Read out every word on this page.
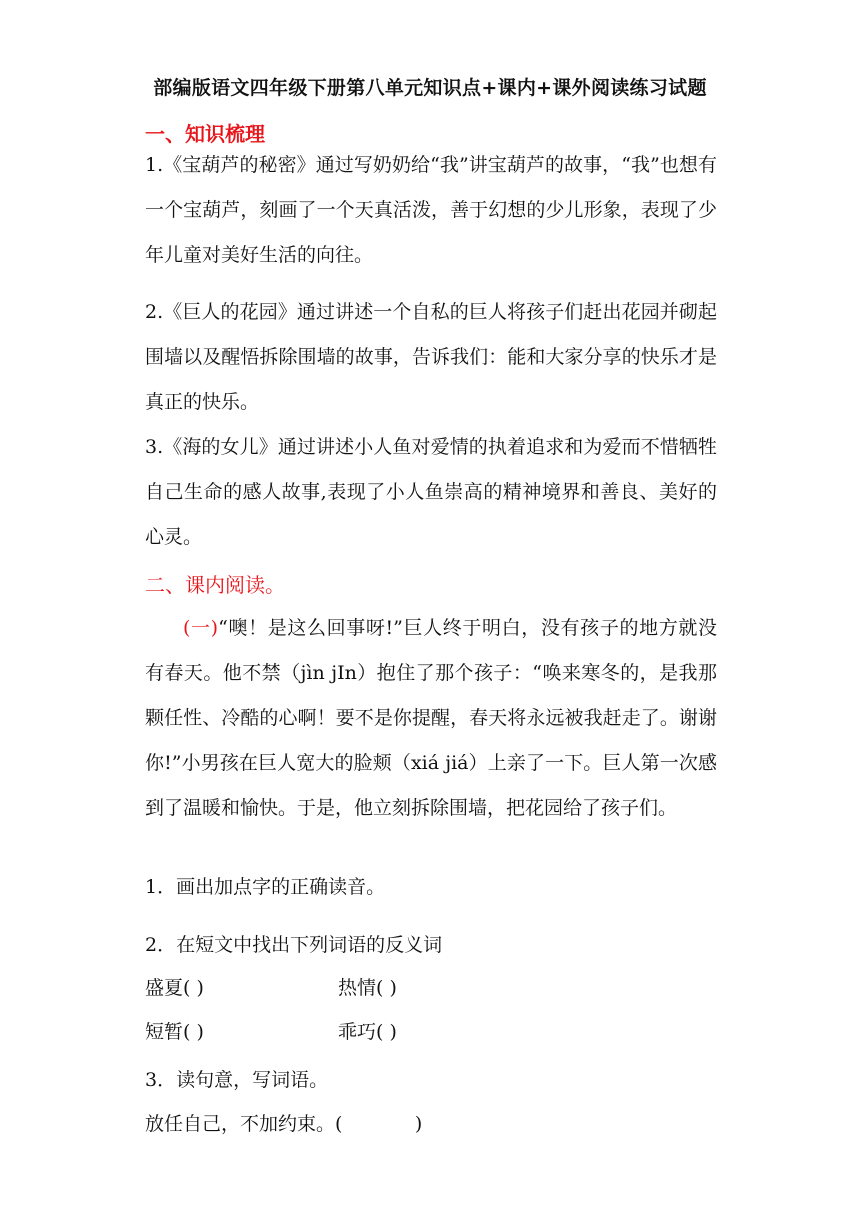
部编版语文四年级下册第八单元知识点+课内+课外阅读练习试题
一、知识梳理
1.《宝葫芦的秘密》通过写奶奶给“我”讲宝葫芦的故事，“我”也想有一个宝葫芦，刻画了一个天真活泼，善于幻想的少儿形象，表现了少年儿童对美好生活的向往。
2.《巨人的花园》通过讲述一个自私的巨人将孩子们赶出花园并砌起围墙以及醒悟拆除围墙的故事，告诉我们：能和大家分享的快乐才是真正的快乐。
3.《海的女儿》通过讲述小人鱼对爱情的执着追求和为爱而不惜牺牲自己生命的感人故事,表现了小人鱼崇高的精神境界和善良、美好的心灵。
二、课内阅读。
(一)“噢！是这么回事呀!”巨人终于明白，没有孩子的地方就没有春天。他不禁（jìn jIn）抱住了那个孩子：“唤来寒冬的，是我那颗任性、冷酷的心啊！要不是你提醒，春天将永远被我赶走了。谢谢你!”小男孩在巨人宽大的脸颊（xiá jiá）上亲了一下。巨人第一次感到了温暖和愉快。于是，他立刻拆除围墙，把花园给了孩子们。
1．画出加点字的正确读音。
2．在短文中找出下列词语的反义词
盛夏( )	热情( )
短暂( )	乖巧( )
3．读句意，写词语。
放任自己，不加约束。(            )
